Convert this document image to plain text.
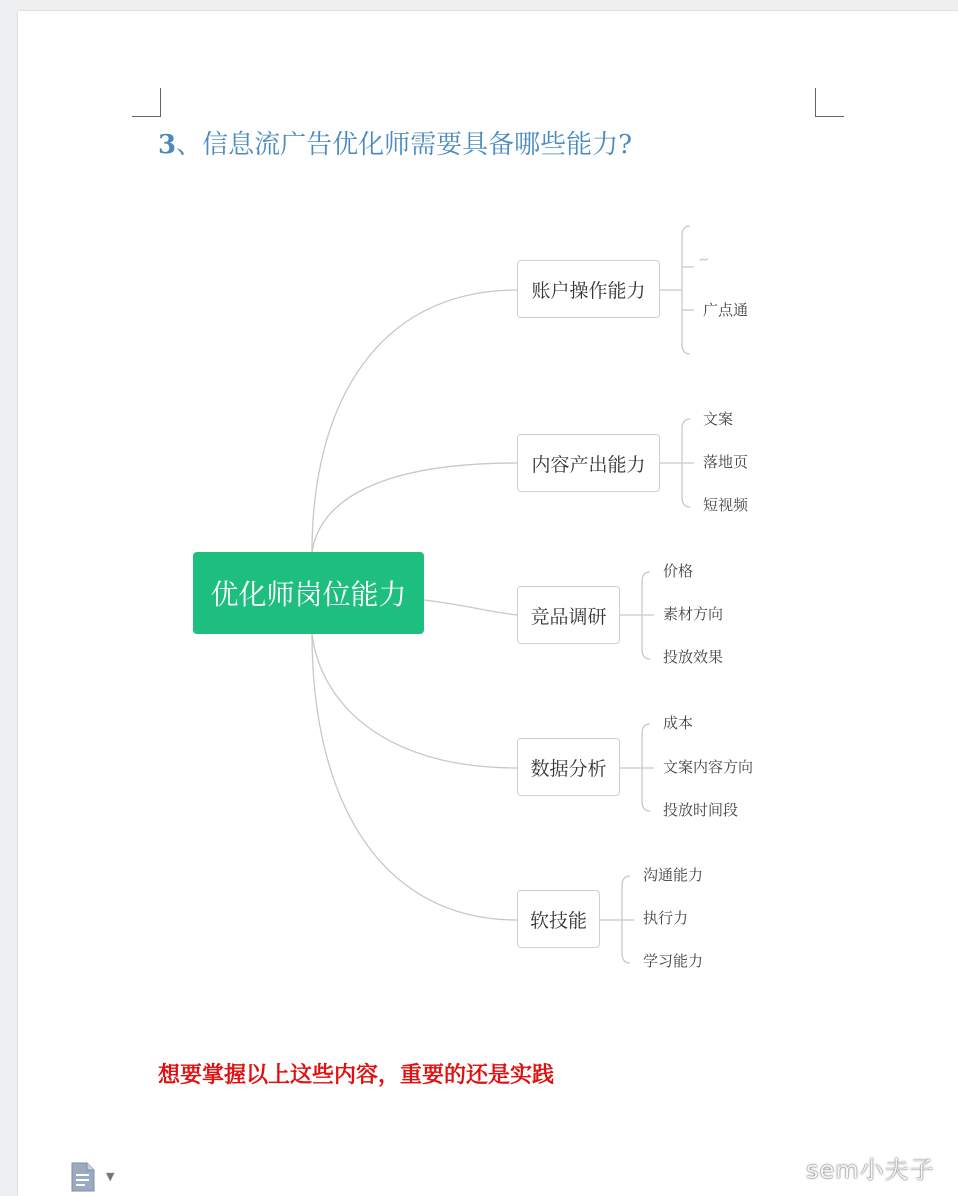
3、信息流广告优化师需要具备哪些能力?
优化师岗位能力
账户操作能力
内容产出能力
竞品调研
数据分析
软技能
~
广点通
文案
落地页
短视频
价格
素材方向
投放效果
成本
文案内容方向
投放时间段
沟通能力
执行力
学习能力
想要掌握以上这些内容，重要的还是实践
▼	sem小夫子
